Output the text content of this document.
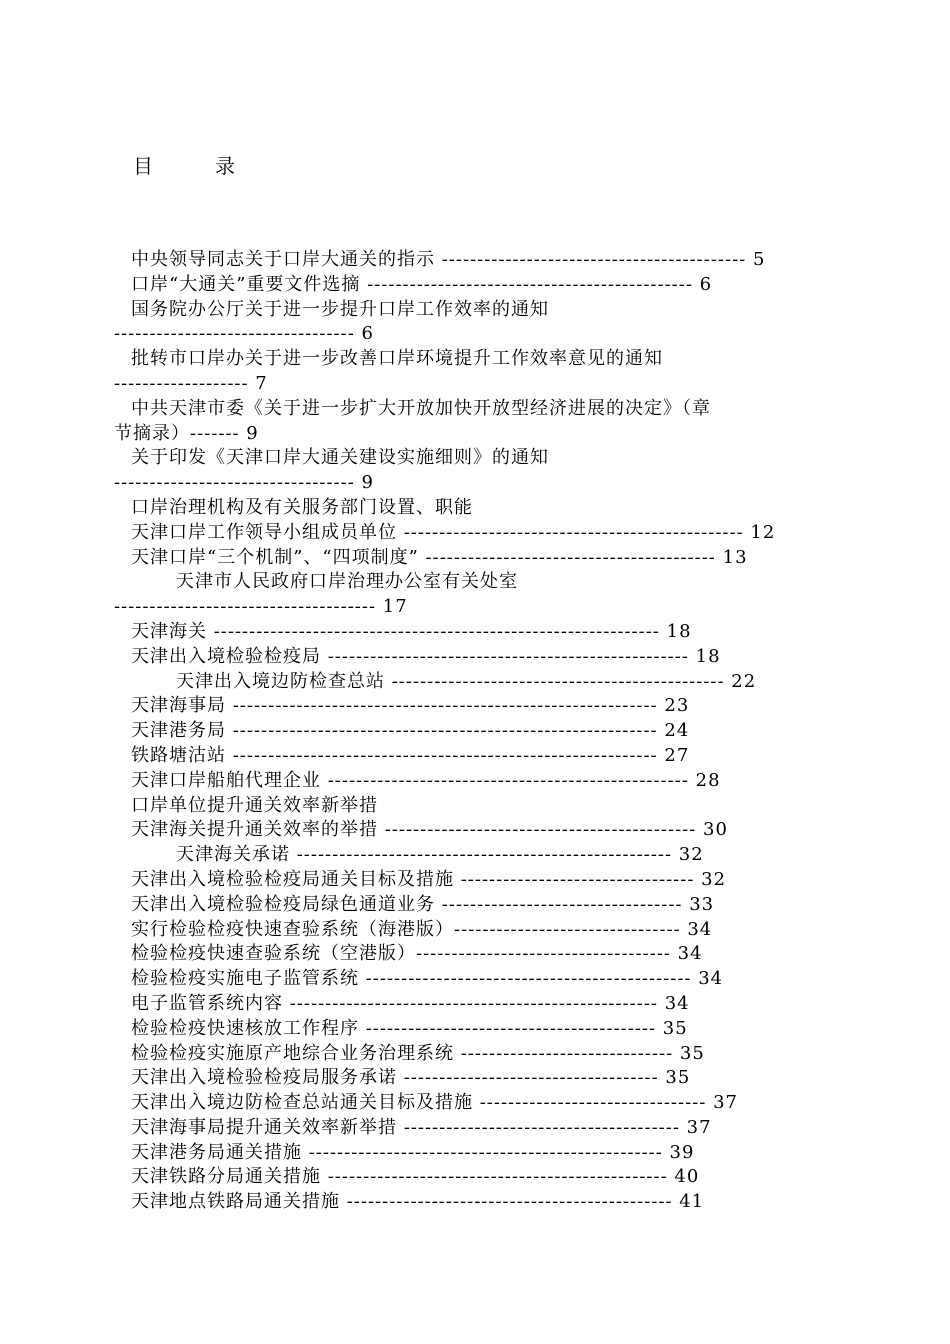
目	录
中央领导同志关于口岸大通关的指示 ------------------------------------------- 5
口岸“大通关”重要文件选摘 ---------------------------------------------- 6
国务院办公厅关于进一步提升口岸工作效率的通知
---------------------------------- 6
批转市口岸办关于进一步改善口岸环境提升工作效率意见的通知
------------------- 7
中共天津市委《关于进一步扩大开放加快开放型经济进展的决定》（章
节摘录）------- 9
关于印发《天津口岸大通关建设实施细则》的通知
---------------------------------- 9
口岸治理机构及有关服务部门设置、职能
天津口岸工作领导小组成员单位 ------------------------------------------------ 12
天津口岸“三个机制”、“四项制度” ----------------------------------------- 13
天津市人民政府口岸治理办公室有关处室
------------------------------------- 17
天津海关 --------------------------------------------------------------- 18
天津出入境检验检疫局 --------------------------------------------------- 18
天津出入境边防检查总站 ----------------------------------------------- 22
天津海事局 ------------------------------------------------------------ 23
天津港务局 ------------------------------------------------------------ 24
铁路塘沽站 ------------------------------------------------------------ 27
天津口岸船舶代理企业 --------------------------------------------------- 28
口岸单位提升通关效率新举措
天津海关提升通关效率的举措 -------------------------------------------- 30
天津海关承诺 ----------------------------------------------------- 32
天津出入境检验检疫局通关目标及措施 --------------------------------- 32
天津出入境检验检疫局绿色通道业务 ---------------------------------- 33
实行检验检疫快速查验系统（海港版）-------------------------------- 34
检验检疫快速查验系统（空港版）------------------------------------ 34
检验检疫实施电子监管系统 ---------------------------------------------- 34
电子监管系统内容 ---------------------------------------------------- 34
检验检疫快速核放工作程序 ----------------------------------------- 35
检验检疫实施原产地综合业务治理系统 ------------------------------ 35
天津出入境检验检疫局服务承诺 ------------------------------------ 35
天津出入境边防检查总站通关目标及措施 -------------------------------- 37
天津海事局提升通关效率新举措 --------------------------------------- 37
天津港务局通关措施 -------------------------------------------------- 39
天津铁路分局通关措施 ------------------------------------------------ 40
天津地点铁路局通关措施 ---------------------------------------------- 41
